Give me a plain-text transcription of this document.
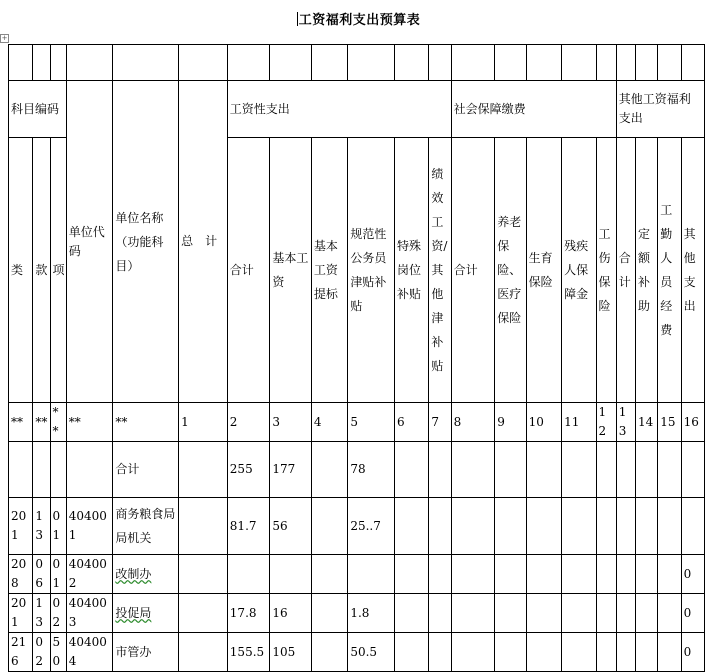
工资福利支出预算表
+

科目编码			单位代码	单位名称（功能科目）	总　计	工资性支出						社会保障缴费					其他工资福利支出			
类	款	项				合计	基本工资	基本工资提标	规范性公务员津贴补贴	特殊岗位补贴	绩效工资/其他津补贴	合计	养老保险、医疗保险	生育保险	残疾人保障金	工伤保险	合计	定额补助	工勤人员经费	其他支出
**	**	**	**	**	1	2	3	4	5	6	7	8	9	10	11	12	13	14	15	16
				合计		255	177		78											
201	13	01	404001	商务粮食局局机关		81.7	56		25..7											
208	06	01	404002	改制办																0
201	13	02	404003	投促局		17.8	16		1.8											0
216	02	50	404004	市管办		155.5	105		50.5											0
